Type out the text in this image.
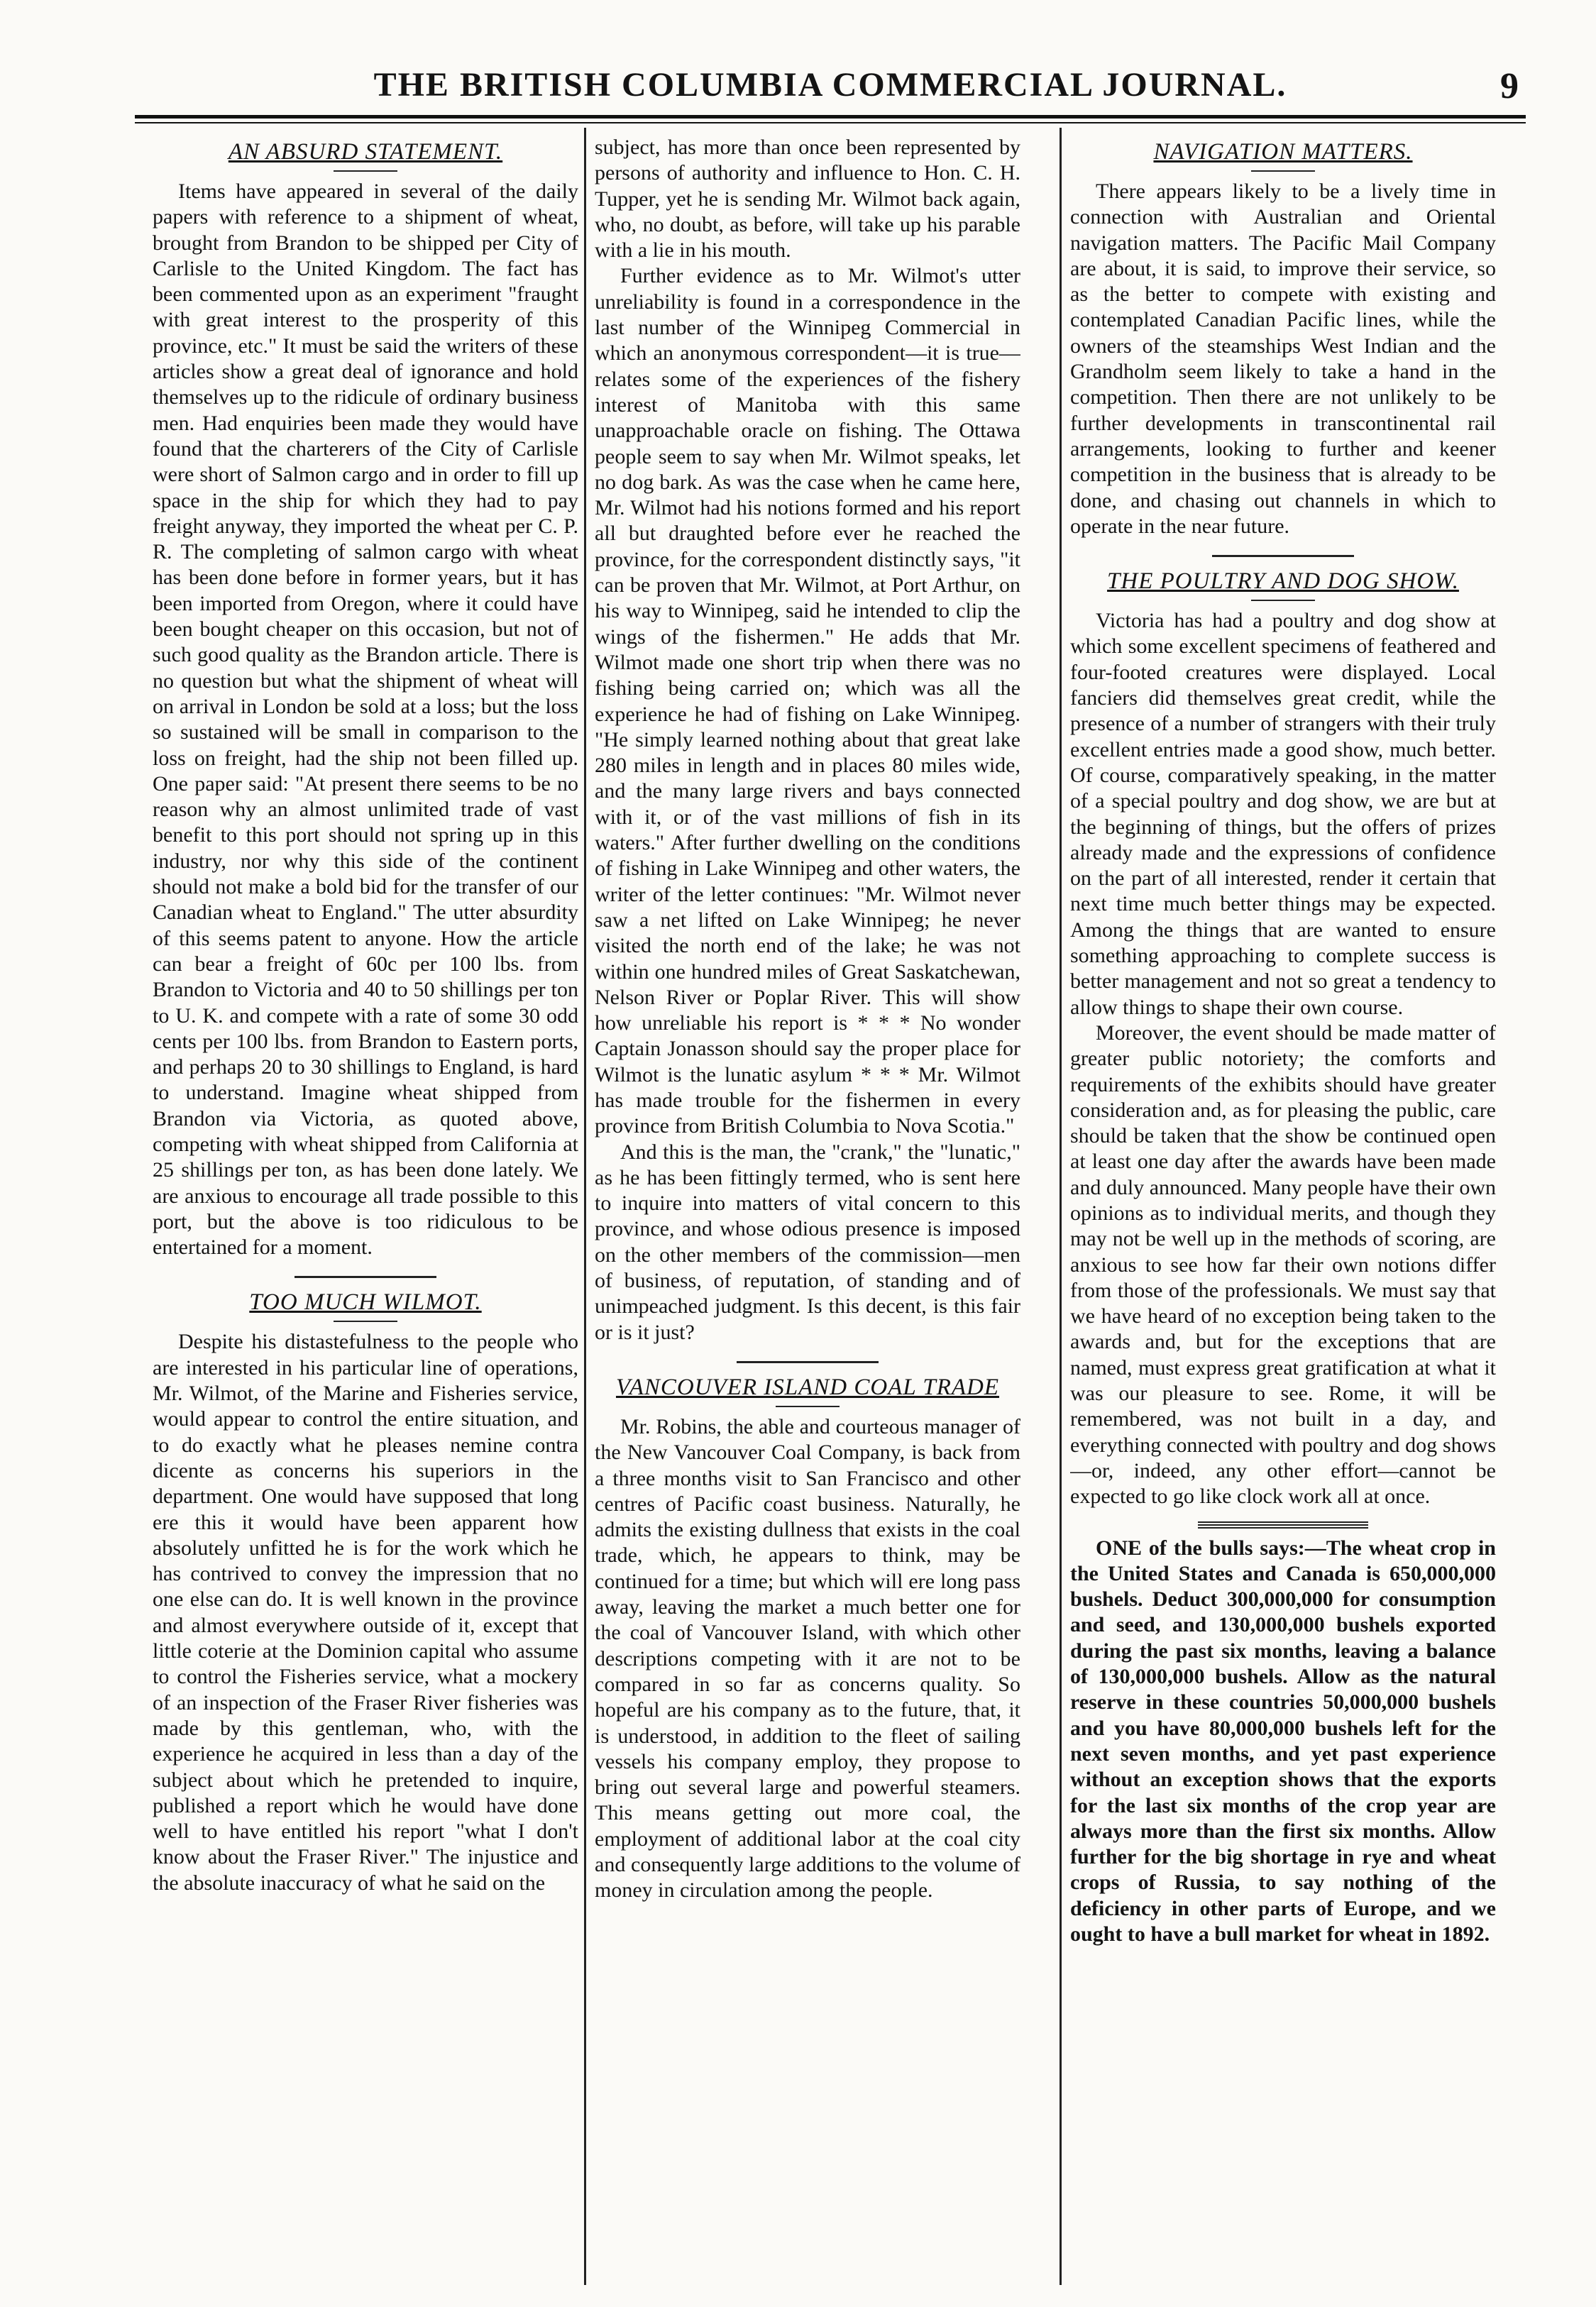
THE BRITISH COLUMBIA COMMERCIAL JOURNAL.	9
AN ABSURD STATEMENT.

Items have appeared in several of the daily papers with reference to a shipment of wheat, brought from Brandon to be shipped per City of Carlisle to the United Kingdom. The fact has been commented upon as an experiment "fraught with great interest to the prosperity of this province, etc." It must be said the writers of these articles show a great deal of ignorance and hold themselves up to the ridicule of ordinary business men. Had enquiries been made they would have found that the charterers of the City of Carlisle were short of Salmon cargo and in order to fill up space in the ship for which they had to pay freight anyway, they imported the wheat per C. P. R. The completing of salmon cargo with wheat has been done before in former years, but it has been imported from Oregon, where it could have been bought cheaper on this occasion, but not of such good quality as the Brandon article. There is no question but what the shipment of wheat will on arrival in London be sold at a loss; but the loss so sustained will be small in comparison to the loss on freight, had the ship not been filled up. One paper said: "At present there seems to be no reason why an almost unlimited trade of vast benefit to this port should not spring up in this industry, nor why this side of the continent should not make a bold bid for the transfer of our Canadian wheat to England." The utter absurdity of this seems patent to anyone. How the article can bear a freight of 60c per 100 lbs. from Brandon to Victoria and 40 to 50 shillings per ton to U. K. and compete with a rate of some 30 odd cents per 100 lbs. from Brandon to Eastern ports, and perhaps 20 to 30 shillings to England, is hard to understand. Imagine wheat shipped from Brandon via Victoria, as quoted above, competing with wheat shipped from California at 25 shillings per ton, as has been done lately. We are anxious to encourage all trade possible to this port, but the above is too ridiculous to be entertained for a moment.

TOO MUCH WILMOT.

Despite his distastefulness to the people who are interested in his particular line of operations, Mr. Wilmot, of the Marine and Fisheries service, would appear to control the entire situation, and to do exactly what he pleases nemine contra dicente as concerns his superiors in the department. One would have supposed that long ere this it would have been apparent how absolutely unfitted he is for the work which he has contrived to convey the impression that no one else can do. It is well known in the province and almost everywhere outside of it, except that little coterie at the Dominion capital who assume to control the Fisheries service, what a mockery of an inspection of the Fraser River fisheries was made by this gentleman, who, with the experience he acquired in less than a day of the subject about which he pretended to inquire, published a report which he would have done well to have entitled his report "what I don't know about the Fraser River." The injustice and the absolute inaccuracy of what he said on the

subject, has more than once been represented by persons of authority and influence to Hon. C. H. Tupper, yet he is sending Mr. Wilmot back again, who, no doubt, as before, will take up his parable with a lie in his mouth.

Further evidence as to Mr. Wilmot's utter unreliability is found in a correspondence in the last number of the Winnipeg Commercial in which an anonymous correspondent—it is true—relates some of the experiences of the fishery interest of Manitoba with this same unapproachable oracle on fishing. The Ottawa people seem to say when Mr. Wilmot speaks, let no dog bark. As was the case when he came here, Mr. Wilmot had his notions formed and his report all but draughted before ever he reached the province, for the correspondent distinctly says, "it can be proven that Mr. Wilmot, at Port Arthur, on his way to Winnipeg, said he intended to clip the wings of the fishermen." He adds that Mr. Wilmot made one short trip when there was no fishing being carried on; which was all the experience he had of fishing on Lake Winnipeg. "He simply learned nothing about that great lake 280 miles in length and in places 80 miles wide, and the many large rivers and bays connected with it, or of the vast millions of fish in its waters." After further dwelling on the conditions of fishing in Lake Winnipeg and other waters, the writer of the letter continues: "Mr. Wilmot never saw a net lifted on Lake Winnipeg; he never visited the north end of the lake; he was not within one hundred miles of Great Saskatchewan, Nelson River or Poplar River. This will show how unreliable his report is * * * No wonder Captain Jonasson should say the proper place for Wilmot is the lunatic asylum * * * Mr. Wilmot has made trouble for the fishermen in every province from British Columbia to Nova Scotia."

And this is the man, the "crank," the "lunatic," as he has been fittingly termed, who is sent here to inquire into matters of vital concern to this province, and whose odious presence is imposed on the other members of the commission—men of business, of reputation, of standing and of unimpeached judgment. Is this decent, is this fair or is it just?

VANCOUVER ISLAND COAL TRADE

Mr. Robins, the able and courteous manager of the New Vancouver Coal Company, is back from a three months visit to San Francisco and other centres of Pacific coast business. Naturally, he admits the existing dullness that exists in the coal trade, which, he appears to think, may be continued for a time; but which will ere long pass away, leaving the market a much better one for the coal of Vancouver Island, with which other descriptions competing with it are not to be compared in so far as concerns quality. So hopeful are his company as to the future, that, it is understood, in addition to the fleet of sailing vessels his company employ, they propose to bring out several large and powerful steamers. This means getting out more coal, the employment of additional labor at the coal city and consequently large additions to the volume of money in circulation among the people.

NAVIGATION MATTERS.

There appears likely to be a lively time in connection with Australian and Oriental navigation matters. The Pacific Mail Company are about, it is said, to improve their service, so as the better to compete with existing and contemplated Canadian Pacific lines, while the owners of the steamships West Indian and the Grandholm seem likely to take a hand in the competition. Then there are not unlikely to be further developments in transcontinental rail arrangements, looking to further and keener competition in the business that is already to be done, and chasing out channels in which to operate in the near future.

THE POULTRY AND DOG SHOW.

Victoria has had a poultry and dog show at which some excellent specimens of feathered and four-footed creatures were displayed. Local fanciers did themselves great credit, while the presence of a number of strangers with their truly excellent entries made a good show, much better. Of course, comparatively speaking, in the matter of a special poultry and dog show, we are but at the beginning of things, but the offers of prizes already made and the expressions of confidence on the part of all interested, render it certain that next time much better things may be expected. Among the things that are wanted to ensure something approaching to complete success is better management and not so great a tendency to allow things to shape their own course.

Moreover, the event should be made matter of greater public notoriety; the comforts and requirements of the exhibits should have greater consideration and, as for pleasing the public, care should be taken that the show be continued open at least one day after the awards have been made and duly announced. Many people have their own opinions as to individual merits, and though they may not be well up in the methods of scoring, are anxious to see how far their own notions differ from those of the professionals. We must say that we have heard of no exception being taken to the awards and, but for the exceptions that are named, must express great gratification at what it was our pleasure to see. Rome, it will be remembered, was not built in a day, and everything connected with poultry and dog shows—or, indeed, any other effort—cannot be expected to go like clock work all at once.

ONE of the bulls says:—The wheat crop in the United States and Canada is 650,000,000 bushels. Deduct 300,000,000 for consumption and seed, and 130,000,000 bushels exported during the past six months, leaving a balance of 130,000,000 bushels. Allow as the natural reserve in these countries 50,000,000 bushels and you have 80,000,000 bushels left for the next seven months, and yet past experience without an exception shows that the exports for the last six months of the crop year are always more than the first six months. Allow further for the big shortage in rye and wheat crops of Russia, to say nothing of the deficiency in other parts of Europe, and we ought to have a bull market for wheat in 1892.
